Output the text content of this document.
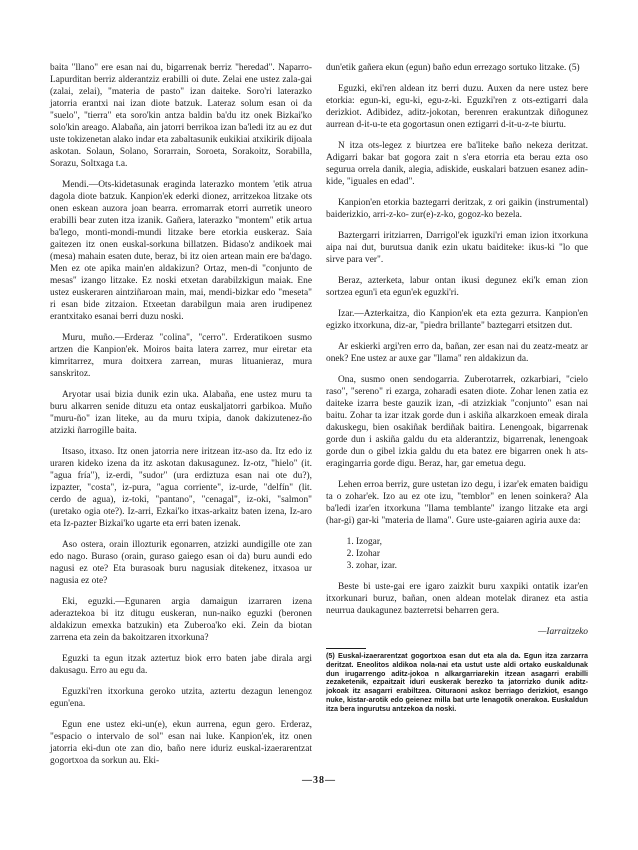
baita "llano" ere esan nai du, bigarrenak berriz "heredad". Naparro-Lapurditan berriz alderantziz erabilli oi dute. Zelai ene ustez zala-gai (zalai, zelai), "materia de pasto" izan daiteke. Soro'ri laterazko jatorria erantxi nai izan diote batzuk. Lateraz solum esan oi da "suelo", "tierra" eta soro'kin antza baldin ba'du itz onek Bizkai'ko solo'kin areago. Alabaña, ain jatorri berrikoa izan ba'ledi itz au ez dut uste tokizenetan alako indar eta zabaltasunik eukikiai atxikirik dijoala askotan. Solaun, Solano, Sorarrain, Soroeta, Sorakoitz, Sorabilla, Sorazu, Soltxaga t.a.

Mendi.—Ots-kidetasunak eraginda laterazko montem 'etik atrua dagola diote batzuk. Kanpion'ek ederki dionez, arritzekoa litzake ots onen eskean auzora joan bearra. erromarrak etorri aurretik uneoro erabilli bear zuten itza izanik. Gañera, laterazko "montem" etik artua ba'lego, monti-mondi-mundi litzake bere etorkia euskeraz. Saia gaitezen itz onen euskal-sorkuna billatzen. Bidaso'z andikoek mai (mesa) mahain esaten dute, beraz, bi itz oien artean main ere ba'dago. Men ez ote apika main'en aldakizun? Ortaz, men-di "conjunto de mesas" izango litzake. Ez noski etxetan darabilzkigun maiak. Ene ustez euskeraren aintziñaroan main, mai, mendi-bizkar edo "meseta" ri esan bide zitzaion. Etxeetan darabilgun maia aren irudipenez erantxitako esanai berri duzu noski.

Muru, muño.—Erderaz "colina", "cerro". Erderatikoen susmo artzen die Kanpion'ek. Moiros baita latera zarrez, mur eiretar eta kimritarrez, mura doitxera zarrean, muras lituanieraz, mura sanskritoz.

Aryotar usai bizia dunik ezin uka. Alabaña, ene ustez muru ta buru alkarren senide dituzu eta ontaz euskaljatorri garbikoa. Muño "muru-ño" izan liteke, au da muru txipia, danok dakizutenez-ño atzizki ñarrogille baita.

Itsaso, itxaso. Itz onen jatorria nere iritzean itz-aso da. Itz edo iz uraren kideko izena da itz askotan dakusagunez. Iz-otz, "hielo" (it. "agua fría"), iz-erdi, "sudor" (ura erdiztuza esan nai ote du?), izpazter, "costa", iz-pura, "agua corriente", iz-urde, "delfín" (lit. cerdo de agua), iz-toki, "pantano", "cenagal", iz-oki, "salmon" (uretako ogia ote?). Iz-arri, Ezkai'ko itxas-arkaitz baten izena, Iz-aro eta Iz-pazter Bizkai'ko ugarte eta erri baten izenak.

Aso ostera, orain illozturik egonarren, atzizki aundigille ote zan edo nago. Buraso (orain, guraso gaiego esan oi da) buru aundi edo nagusi ez ote? Eta burasoak buru nagusiak ditekenez, itxasoa ur nagusia ez ote?

Eki, eguzki.—Egunaren argia damaigun izarraren izena aderaztekoa bi itz ditugu euskeran, nun-naiko eguzki (beronen aldakizun emexka batzukin) eta Zuberoa'ko eki. Zein da biotan zarrena eta zein da bakoitzaren itxorkuna?

Eguzki ta egun itzak aztertuz biok erro baten jabe dirala argi dakusagu. Erro au egu da.

Eguzki'ren itxorkuna geroko utzita, aztertu dezagun lenengoz egun'ena.

Egun ene ustez eki-un(e), ekun aurrena, egun gero. Erderaz, "espacio o intervalo de sol" esan nai luke. Kanpion'ek, itz onen jatorria eki-dun ote zan dio, baño nere iduriz euskal-izaerarentzat gogortxoa da sorkun au. Eki-

dun'etik gañera ekun (egun) baño edun errezago sortuko litzake. (5)

Eguzki, eki'ren aldean itz berri duzu. Auxen da nere ustez bere etorkia: egun-ki, egu-ki, egu-z-ki. Eguzki'ren z ots-eztigarri dala derizkiot. Adibidez, aditz-jokotan, berenren erakuntzak diñogunez aurrean d-it-u-te eta gogortasun onen eztigarri d-it-u-z-te biurtu.

N itza ots-legez z biurtzea ere ba'liteke baño nekeza deritzat. Adigarri bakar bat gogora zait n s'era etorria eta berau ezta oso segurua orrela danik, alegia, adiskide, euskalari batzuen esanez adin-kide, "iguales en edad".

Kanpion'en etorkia baztegarri deritzak, z ori gaikin (instrumental) baiderizkio, arri-z-ko- zur(e)-z-ko, gogoz-ko bezela.

Baztergarri iritziarren, Darrigol'ek iguzki'ri eman izion itxorkuna aipa nai dut, burutsua danik ezin ukatu baiditeke: ikus-ki "lo que sirve para ver".

Beraz, azterketa, labur ontan ikusi degunez eki'k eman zion sortzea egun'i eta egun'ek eguzki'ri.

Izar.—Azterkaitza, dio Kanpion'ek eta ezta gezurra. Kanpion'en egizko itxorkuna, diz-ar, "piedra brillante" baztegarri etsitzen dut.

Ar eskierki argi'ren erro da, bañan, zer esan nai du zeatz-meatz ar onek? Ene ustez ar auxe gar "llama" ren aldakizun da.

Ona, susmo onen sendogarria. Zuberotarrek, ozkarbiari, "cielo raso", "sereno" ri ezarga, zoharadi esaten diote. Zohar lenen zatia ez daiteke izarra beste gauzik izan, -di atzizkiak "conjunto" esan nai baitu. Zohar ta izar itzak gorde dun i askiña alkarzkoen emeak dirala dakuskegu, bien osakiñak berdiñak baitira. Lenengoak, bigarrenak gorde dun i askiña galdu du eta alderantziz, bigarrenak, lenengoak gorde dun o gibel izkia galdu du eta batez ere bigarren onek h ats-eragingarria gorde digu. Beraz, har, gar emetua degu.

Lehen erroa berriz, gure ustetan izo degu, i izar'ek ematen baidigu ta o zohar'ek. Izo au ez ote izu, "temblor" en lenen soinkera? Ala ba'ledi izar'en itxorkuna "llama temblante" izango litzake eta argi (har-gi) gar-ki "materia de llama". Gure uste-gaiaren agiria auxe da:

1. Izogar,
2. Izohar
3. zohar, izar.

Beste bi uste-gai ere igaro zaizkit buru xaxpiki ontatik izar'en itxorkunari buruz, bañan, onen aldean motelak diranez eta astia neurrua daukagunez bazterretsi beharren gera.

—Iarraitzeko
(5) Euskal-izaerarentzat gogortxoa esan dut eta ala da. Egun itza zarzarra deritzat. Eneolitos aldikoa nola-nai eta ustut uste aldi ortako euskaldunak dun irugarrengo aditz-jokoa n alkargarriarekin itzean asagarri erabilli zezaketenik, ezpaitzait iduri euskerak berezko ta jatorrizko dunik aditz-jokoak itz asagarri erabiltzea. Oituraoni askoz berriago derizkiot, esango nuke, kistar-arotik edo geienez milla bat urte lenagotik onerakoa. Euskaldun itza bera ingurutsu antzekoa da noski.
—38—
